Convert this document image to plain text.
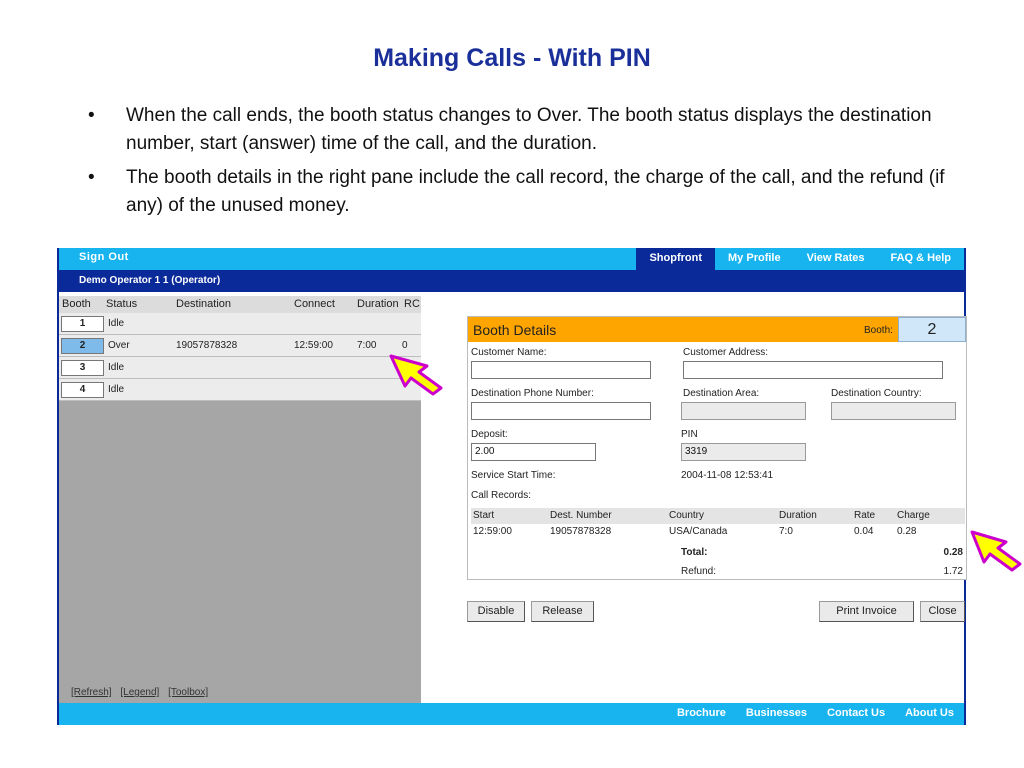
Making Calls - With PIN
• When the call ends, the booth status changes to Over. The booth status displays the destination number, start (answer) time of the call, and the duration.
• The booth details in the right pane include the call record, the charge of the call, and the refund (if any) of the unused money.
Sign Out	Shopfront	My Profile	View Rates	FAQ & Help
Demo Operator 1 1 (Operator)
Booth Status	Destination	Connect Duration RC
1	Idle
2	Over	19057878328	12:59:00 7:00	0
3	Idle
4	Idle
[Refresh] [Legend] [Toolbox]
Booth Details	Booth:	2
Customer Name:	Customer Address:
Destination Phone Number:	Destination Area:	Destination Country:
Deposit:
2.00
PIN
3319
Service Start Time:	2004-11-08 12:53:41
Call Records:
Start	Dest. Number	Country	Duration	Rate Charge
12:59:00	19057878328	USA/Canada	7:0	0.04 0.28
Total:	0.28
Refund:	1.72
Disable	Release	Print Invoice	Close
Brochure Businesses Contact Us About Us
